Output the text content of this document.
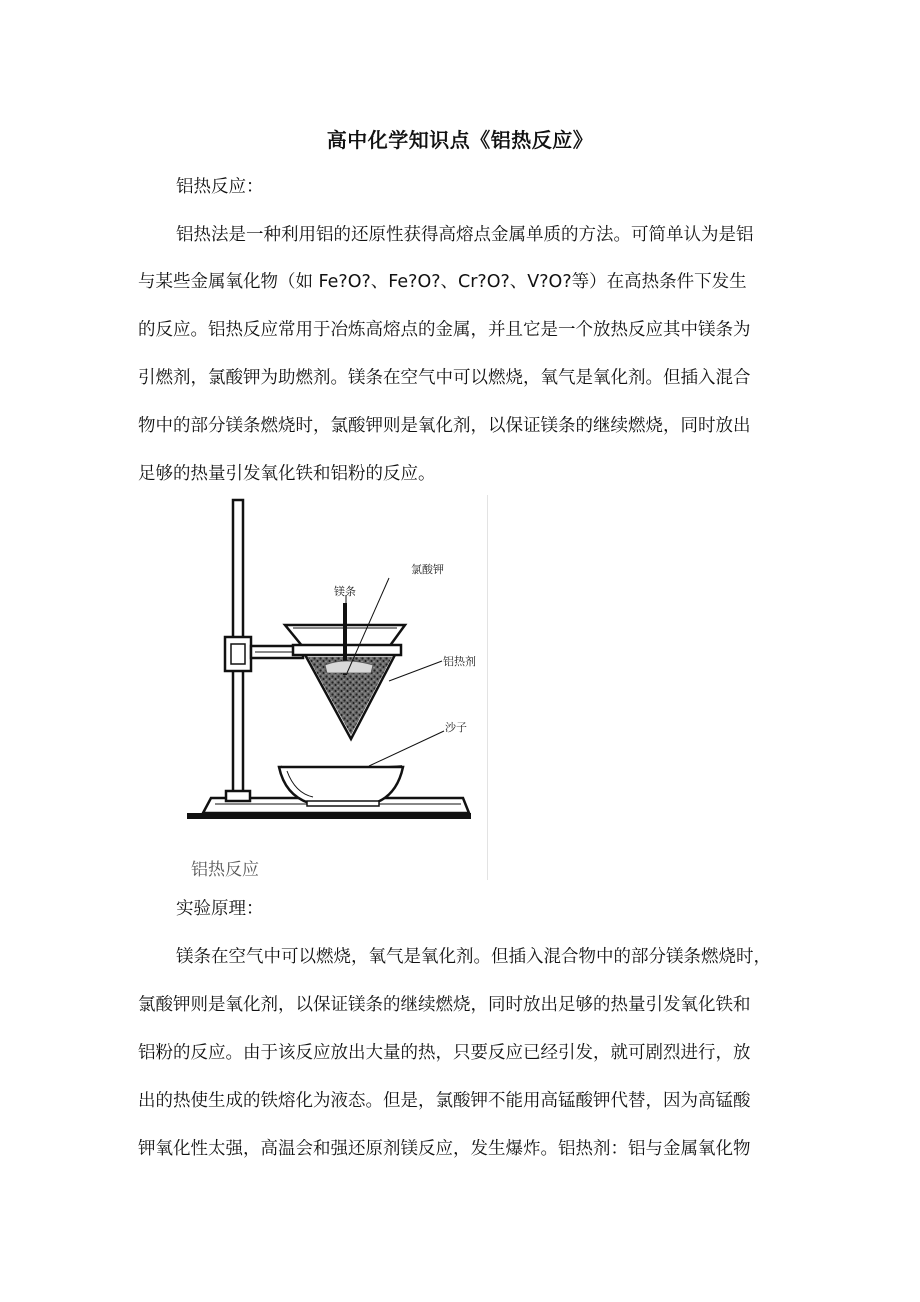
高中化学知识点《铝热反应》
铝热反应：
铝热法是一种利用铝的还原性获得高熔点金属单质的方法。可简单认为是铝
与某些金属氧化物（如 Fe?O?、Fe?O?、Cr?O?、V?O?等）在高热条件下发生
的反应。铝热反应常用于冶炼高熔点的金属，并且它是一个放热反应其中镁条为
引燃剂，氯酸钾为助燃剂。镁条在空气中可以燃烧，氧气是氧化剂。但插入混合
物中的部分镁条燃烧时，氯酸钾则是氧化剂，以保证镁条的继续燃烧，同时放出
足够的热量引发氧化铁和铝粉的反应。
镁条
氯酸钾
铝热剂
沙子
铝热反应
实验原理：
镁条在空气中可以燃烧，氧气是氧化剂。但插入混合物中的部分镁条燃烧时，
氯酸钾则是氧化剂，以保证镁条的继续燃烧，同时放出足够的热量引发氧化铁和
铝粉的反应。由于该反应放出大量的热，只要反应已经引发，就可剧烈进行，放
出的热使生成的铁熔化为液态。但是，氯酸钾不能用高锰酸钾代替，因为高锰酸
钾氧化性太强，高温会和强还原剂镁反应，发生爆炸。铝热剂：铝与金属氧化物
